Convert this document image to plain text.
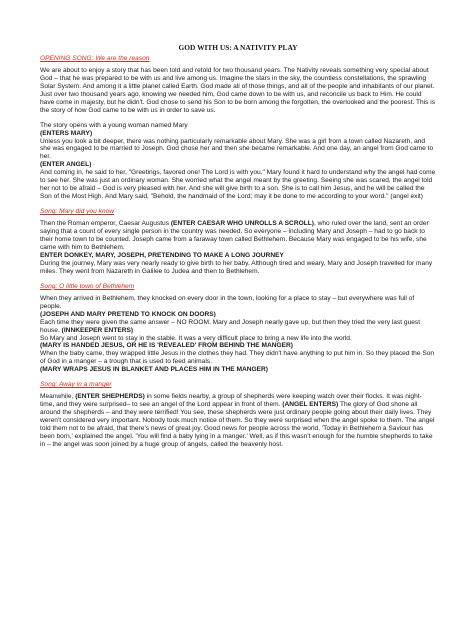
GOD WITH US: A NATIVITY PLAY
OPENING SONG: We are the reason

We are about to enjoy a story that has been told and retold for two thousand years. The Nativity reveals something very special about God – that he was prepared to be with us and live among us. Imagine the stars in the sky, the countless constellations, the sprawling Solar System. And among it a little planet called Earth. God made all of those things, and all of the people and inhabitants of our planet. Just over two thousand years ago, knowing we needed him, God came down to be with us, and reconcile us back to Him. He could have come in majesty, but he didn't. God chose to send his Son to be born among the forgotten, the overlooked and the poorest. This is the story of how God came to be with us in order to save us.

The story opens with a young woman named Mary
(ENTERS MARY)
Unless you look a bit deeper, there was nothing particularly remarkable about Mary. She was a girl from a town called Nazareth, and she was engaged to be married to Joseph. God chose her and then she became remarkable. And one day, an angel from God came to her.
(ENTER ANGEL)

And coming in, he said to her, "Greetings, favored one! The Lord is with you." Mary found it hard to understand why the angel had come to see her. She was just an ordinary woman. She worried what the angel meant by the greeting. Seeing she was scared, the angel told her not to be afraid – God is very pleased with her. And she will give birth to a son. She is to call him Jesus, and he will be called the Son of the Most High. And Mary said, "Behold, the handmaid of the Lord; may it be done to me according to your word." (angel exit)

Song: Mary did you know
Then the Roman emperor, Caesar Augustus (ENTER CAESAR WHO UNROLLS A SCROLL), who ruled over the land, sent an order saying that a count of every single person in the country was needed. So everyone – including Mary and Joseph – had to go back to their home town to be counted. Joseph came from a faraway town called Bethlehem. Because Mary was engaged to be his wife, she came with him to Bethlehem.
ENTER DONKEY, MARY, JOSEPH, PRETENDING TO MAKE A LONG JOURNEY

During the journey, Mary was very nearly ready to give birth to her baby. Although tired and weary, Mary and Joseph travelled for many miles. They went from Nazareth in Galilee to Judea and then to Bethlehem.

Song: O little town of Bethlehem
When they arrived in Bethlehem, they knocked on every door in the town, looking for a place to stay – but everywhere was full of people.
(JOSEPH AND MARY PRETEND TO KNOCK ON DOORS)
Each time they were given the same answer – NO ROOM. Mary and Joseph nearly gave up, but then they tried the very last guest house. (INNKEEPER ENTERS)
So Mary and Joseph went to stay in the stable. It was a very difficult place to bring a new life into the world.
(MARY IS HANDED JESUS, OR HE IS 'REVEALED' FROM BEHIND THE MANGER)
When the baby came, they wrapped little Jesus in the clothes they had. They didn't have anything to put him in. So they placed the Son of God in a manger – a trough that is used to feed animals.

(MARY WRAPS JESUS IN BLANKET AND PLACES HIM IN THE MANGER)

Song: Away in a manger
Meanwhile, (ENTER SHEPHERDS) in some fields nearby, a group of shepherds were keeping watch over their flocks. It was night-time, and they were surprised– to see an angel of the Lord appear in front of them. (ANGEL ENTERS) The glory of God shone all around the shepherds – and they were terrified! You see, these shepherds were just ordinary people going about their daily lives. They weren't considered very important. Nobody took much notice of them. So they were surprised when the angel spoke to them. The angel told them not to be afraid, that there's news of great joy. Good news for people across the world. 'Today in Bethlehem a Saviour has been born,' explained the angel. 'You will find a baby lying in a manger.' Well, as if this wasn't enough for the humble shepherds to take in – the angel was soon joined by a huge group of angels, called the heavenly host.
